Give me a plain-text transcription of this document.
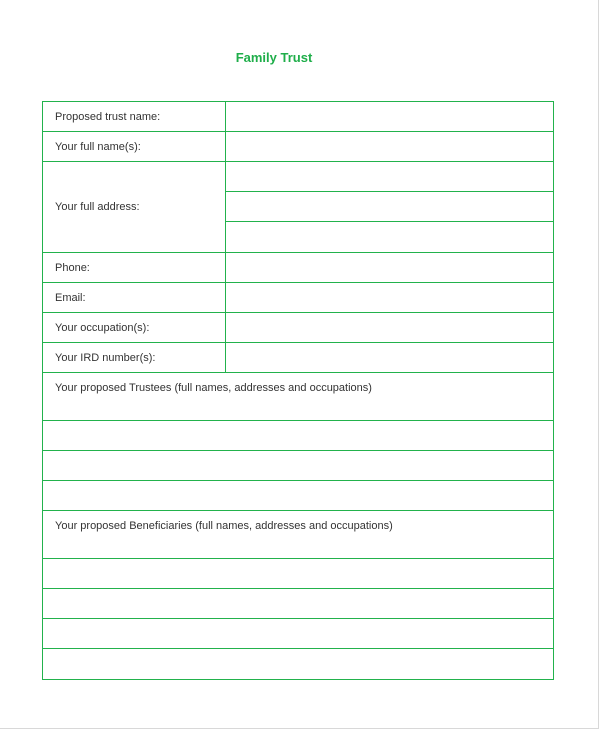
Family Trust
Proposed trust name:
Your full name(s):
Your full address:
Phone:
Email:
Your occupation(s):
Your IRD number(s):
Your proposed Trustees (full names, addresses and occupations)
Your proposed Beneficiaries (full names, addresses and occupations)
